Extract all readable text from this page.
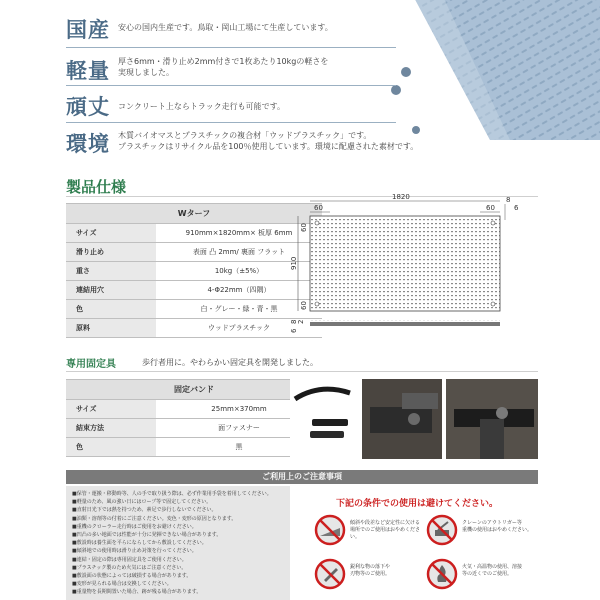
国産 安心の国内生産です。鳥取・岡山工場にて生産しています。
軽量 厚さ6mm・滑り止め2mm付きで1枚あたり10kgの軽さを
実現しました。
頑丈 コンクリート上ならトラック走行も可能です。
環境 木質バイオマスとプラスチックの複合材「ウッドプラスチック」です。
プラスチックはリサイクル品を100％使用しています。環境に配慮された素材です。
製品仕様
Wターフ	
サイズ	910mm×1820mm× 板厚 6mm
滑り止め	表面 凸 2mm/ 裏面 フラット
重さ	10kg（±5%）
連結用穴	4-Φ22mm（四隅）
色	白・グレー・緑・青・黒
原料	ウッドプラスチック
1820
60	60
8
6
910
60
60
8 2
6
専用固定具	歩行者用に。やわらかい固定具を開発しました。
固定バンド	
サイズ	25mm×370mm
結束方法	面ファスナー
色	黒
ご利用上のご注意事項
■保管・運搬・移動時等、人の手で取り扱う際は、必ず作業用手袋を着用してください。
■軽量のため、風の強い日にはロープ等で固定してください。
■直射日光下では熱を持つため、素足で歩行しないでください。
■油類・溶剤等の付着にご注意ください。変色・変形の原因となります。
■重機のクローラー走行時はご使用をお避けください。
■凹凸の多い地面では性能が十分に発揮できない場合があります。
■敷設時は養生面を平らにならしてから敷設してください。
■傾斜地での使用時は滑り止め対策を行ってください。
■連結・固定の際は専用固定具をご使用ください。
■プラスチック製のため火気にはご注意ください。
■敷設面の状態によっては破損する場合があります。
■変形が見られる場合は交換してください。
■重量物を長期間置いた場合、跡が残る場合があります。
下記の条件での使用は避けてください。
傾斜や段差など安定性に欠ける
場所でのご使用はおやめください。
クレーンのアウトリガー等
重機の使用はおやめください。
鋭利な物の落下や
刃物等のご使用。
火気・高温物の使用、溶接
等の近くでのご使用。
